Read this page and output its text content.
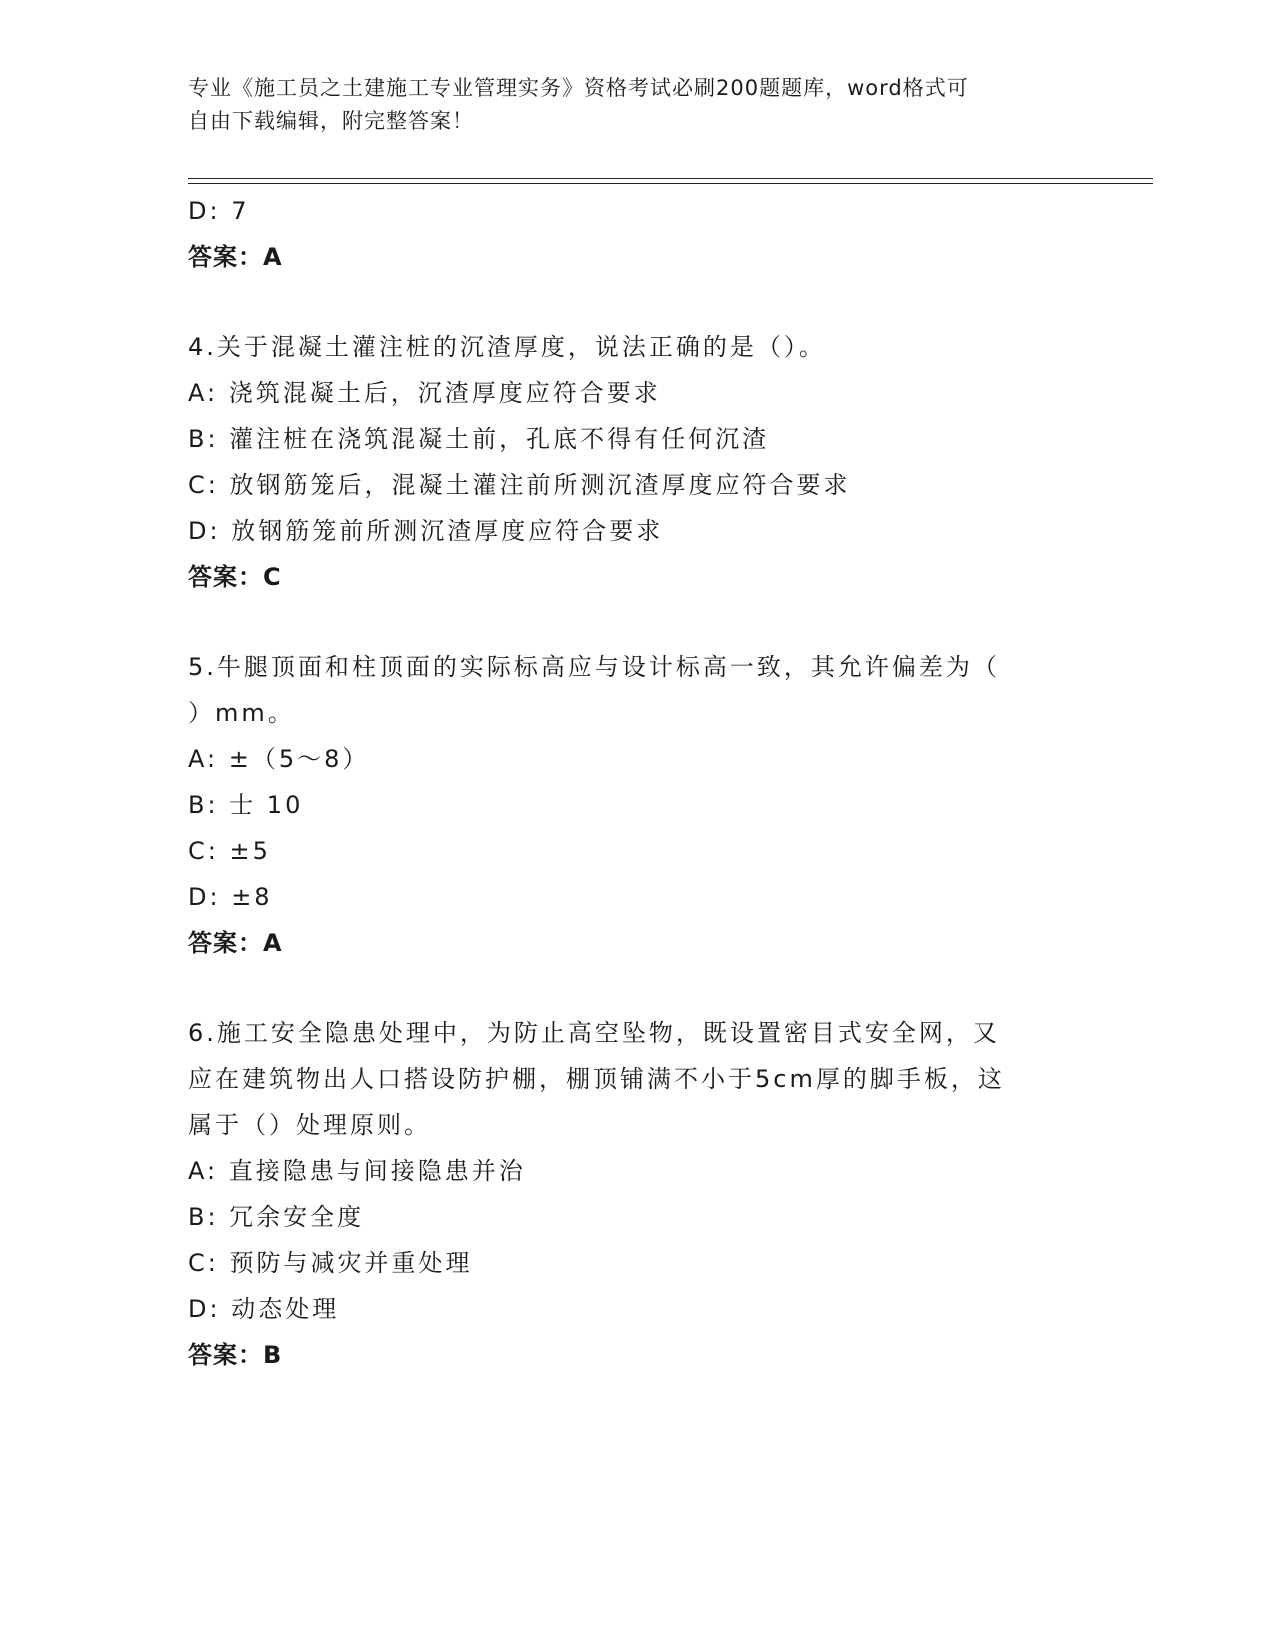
专业《施工员之土建施工专业管理实务》资格考试必刷200题题库，word格式可
自由下载编辑，附完整答案！
D: 7
答案：A
4.关于混凝土灌注桩的沉渣厚度，说法正确的是（）。
A: 浇筑混凝土后，沉渣厚度应符合要求
B: 灌注桩在浇筑混凝土前，孔底不得有任何沉渣
C: 放钢筋笼后，混凝土灌注前所测沉渣厚度应符合要求
D: 放钢筋笼前所测沉渣厚度应符合要求
答案：C
5.牛腿顶面和柱顶面的实际标高应与设计标高一致，其允许偏差为（
）mm。
A: ±（5～8）
B: 士 10
C: ±5
D: ±8
答案：A
6.施工安全隐患处理中，为防止高空坠物，既设置密目式安全网，又
应在建筑物出人口搭设防护棚，棚顶铺满不小于5cm厚的脚手板，这
属于（）处理原则。
A: 直接隐患与间接隐患并治
B: 冗余安全度
C: 预防与减灾并重处理
D: 动态处理
答案：B
